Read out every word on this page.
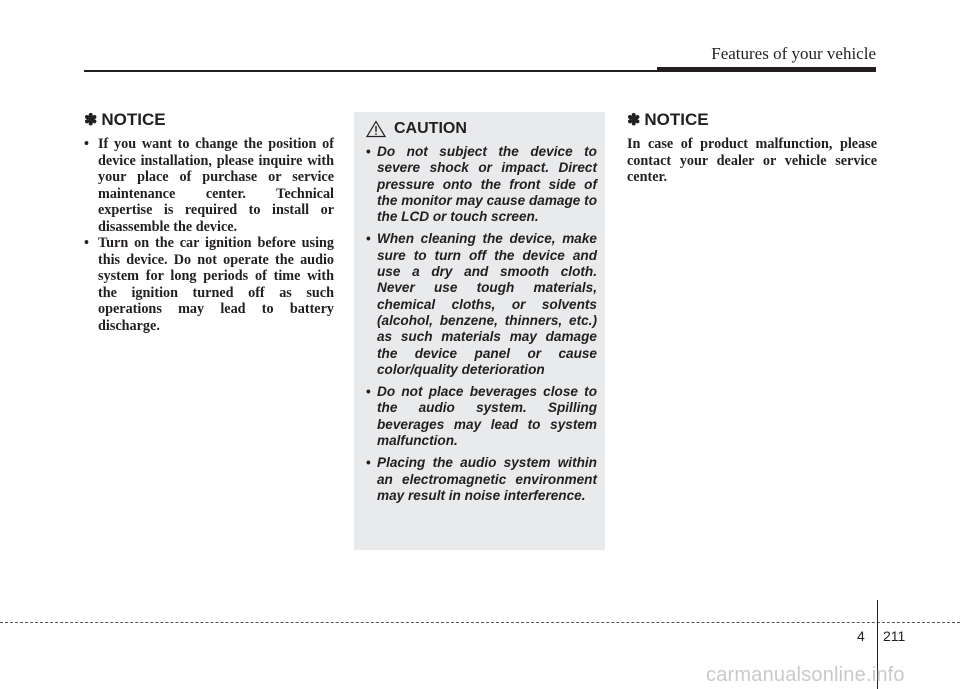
Features of your vehicle
✽ NOTICE
• If you want to change the position of device installation, please inquire with your place of purchase or service maintenance center. Technical expertise is required to install or disassemble the device.
• Turn on the car ignition before using this device. Do not operate the audio system for long periods of time with the ignition turned off as such operations may lead to battery discharge.
CAUTION
• Do not subject the device to severe shock or impact. Direct pressure onto the front side of the monitor may cause damage to the LCD or touch screen.
• When cleaning the device, make sure to turn off the device and use a dry and smooth cloth. Never use tough materials, chemical cloths, or solvents (alcohol, benzene, thinners, etc.) as such materials may damage the device panel or cause color/quality deterioration
• Do not place beverages close to the audio system. Spilling beverages may lead to system malfunction.
• Placing the audio system within an electromagnetic environment may result in noise interference.
✽ NOTICE

In case of product malfunction, please contact your dealer or vehicle service center.

4 211
carmanualsonline.info
